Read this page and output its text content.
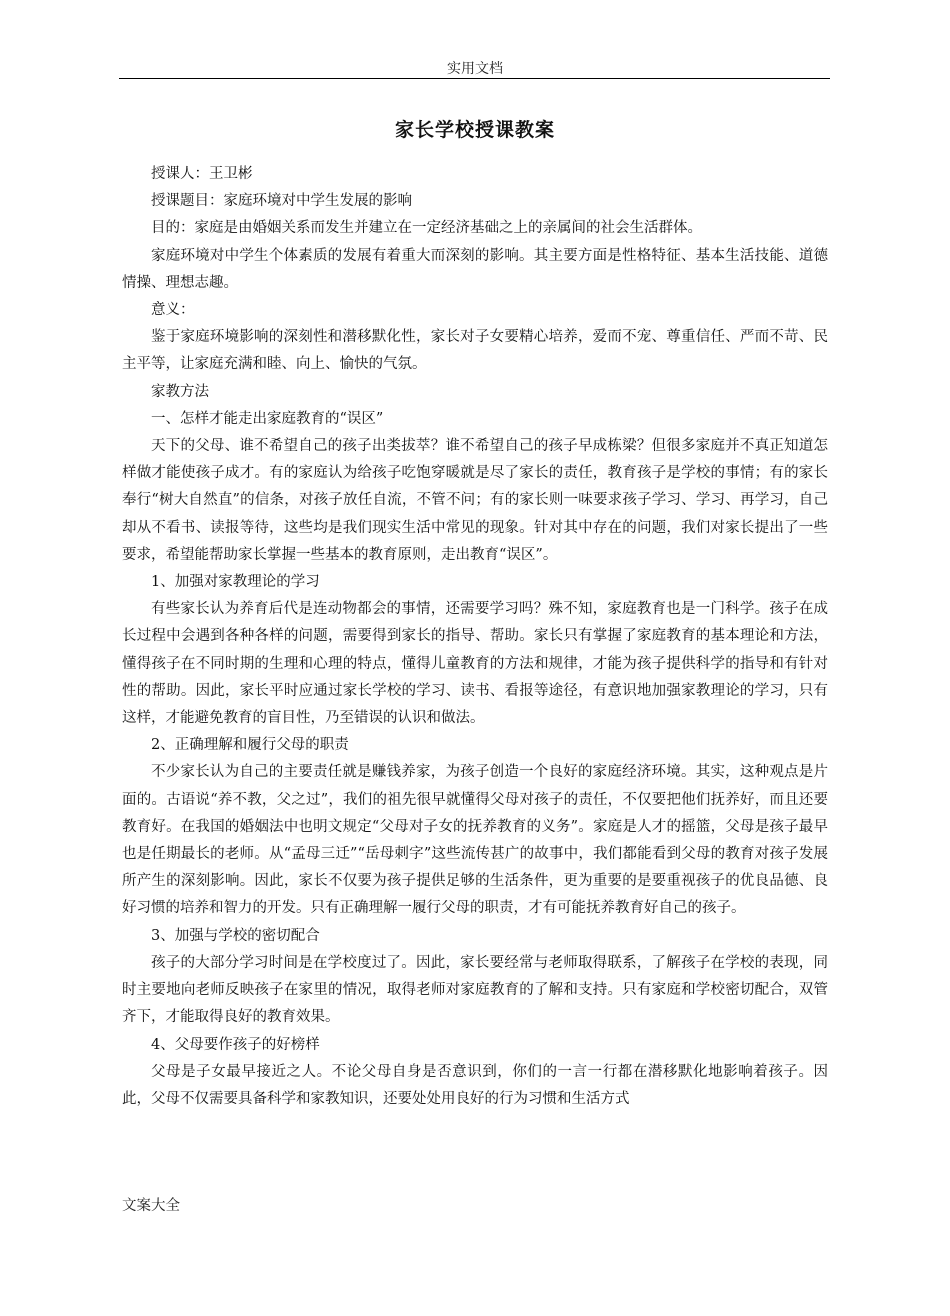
实用文档
家长学校授课教案

授课人：王卫彬

授课题目：家庭环境对中学生发展的影响

目的：家庭是由婚姻关系而发生并建立在一定经济基础之上的亲属间的社会生活群体。

家庭环境对中学生个体素质的发展有着重大而深刻的影响。其主要方面是性格特征、基本生活技能、道德情操、理想志趣。

意义：

鉴于家庭环境影响的深刻性和潜移默化性，家长对子女要精心培养，爱而不宠、尊重信任、严而不苛、民主平等，让家庭充满和睦、向上、愉快的气氛。

家教方法

一、怎样才能走出家庭教育的“误区”

天下的父母、谁不希望自己的孩子出类拔萃？谁不希望自己的孩子早成栋梁？但很多家庭并不真正知道怎样做才能使孩子成才。有的家庭认为给孩子吃饱穿暖就是尽了家长的责任，教育孩子是学校的事情；有的家长奉行“树大自然直”的信条，对孩子放任自流，不管不问；有的家长则一味要求孩子学习、学习、再学习，自己却从不看书、读报等待，这些均是我们现实生活中常见的现象。针对其中存在的问题，我们对家长提出了一些要求，希望能帮助家长掌握一些基本的教育原则，走出教育“误区”。

1、加强对家教理论的学习

有些家长认为养育后代是连动物都会的事情，还需要学习吗？殊不知，家庭教育也是一门科学。孩子在成长过程中会遇到各种各样的问题，需要得到家长的指导、帮助。家长只有掌握了家庭教育的基本理论和方法，懂得孩子在不同时期的生理和心理的特点，懂得儿童教育的方法和规律，才能为孩子提供科学的指导和有针对性的帮助。因此，家长平时应通过家长学校的学习、读书、看报等途径，有意识地加强家教理论的学习，只有这样，才能避免教育的盲目性，乃至错误的认识和做法。

2、正确理解和履行父母的职责

不少家长认为自己的主要责任就是赚钱养家，为孩子创造一个良好的家庭经济环境。其实，这种观点是片面的。古语说“养不教，父之过”，我们的祖先很早就懂得父母对孩子的责任，不仅要把他们抚养好，而且还要教育好。在我国的婚姻法中也明文规定“父母对子女的抚养教育的义务”。家庭是人才的摇篮，父母是孩子最早也是任期最长的老师。从“孟母三迁”“岳母刺字”这些流传甚广的故事中，我们都能看到父母的教育对孩子发展所产生的深刻影响。因此，家长不仅要为孩子提供足够的生活条件，更为重要的是要重视孩子的优良品德、良好习惯的培养和智力的开发。只有正确理解一履行父母的职责，才有可能抚养教育好自己的孩子。

3、加强与学校的密切配合

孩子的大部分学习时间是在学校度过了。因此，家长要经常与老师取得联系，了解孩子在学校的表现，同时主要地向老师反映孩子在家里的情况，取得老师对家庭教育的了解和支持。只有家庭和学校密切配合，双管齐下，才能取得良好的教育效果。

4、父母要作孩子的好榜样

父母是子女最早接近之人。不论父母自身是否意识到，你们的一言一行都在潜移默化地影响着孩子。因此，父母不仅需要具备科学和家教知识，还要处处用良好的行为习惯和生活方式

文案大全
